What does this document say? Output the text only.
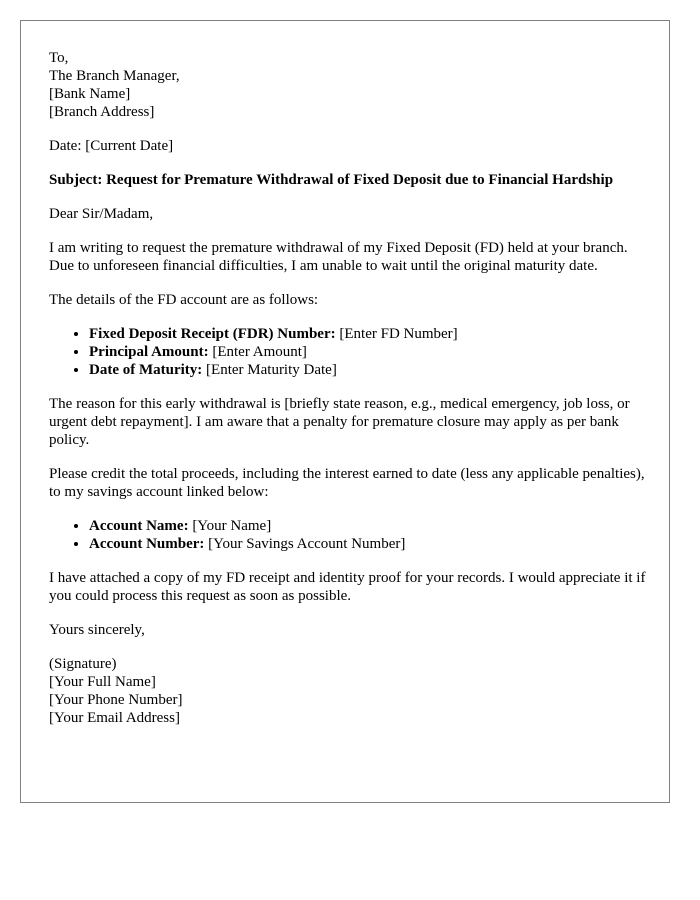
To,
The Branch Manager,
[Bank Name]
[Branch Address]

Date: [Current Date]

Subject: Request for Premature Withdrawal of Fixed Deposit due to Financial Hardship

Dear Sir/Madam,

I am writing to request the premature withdrawal of my Fixed Deposit (FD) held at your branch. Due to unforeseen financial difficulties, I am unable to wait until the original maturity date.

The details of the FD account are as follows:

• Fixed Deposit Receipt (FDR) Number: [Enter FD Number]
• Principal Amount: [Enter Amount]
• Date of Maturity: [Enter Maturity Date]

The reason for this early withdrawal is [briefly state reason, e.g., medical emergency, job loss, or urgent debt repayment]. I am aware that a penalty for premature closure may apply as per bank policy.

Please credit the total proceeds, including the interest earned to date (less any applicable penalties), to my savings account linked below:

• Account Name: [Your Name]
• Account Number: [Your Savings Account Number]

I have attached a copy of my FD receipt and identity proof for your records. I would appreciate it if you could process this request as soon as possible.

Yours sincerely,

(Signature)
[Your Full Name]
[Your Phone Number]
[Your Email Address]
